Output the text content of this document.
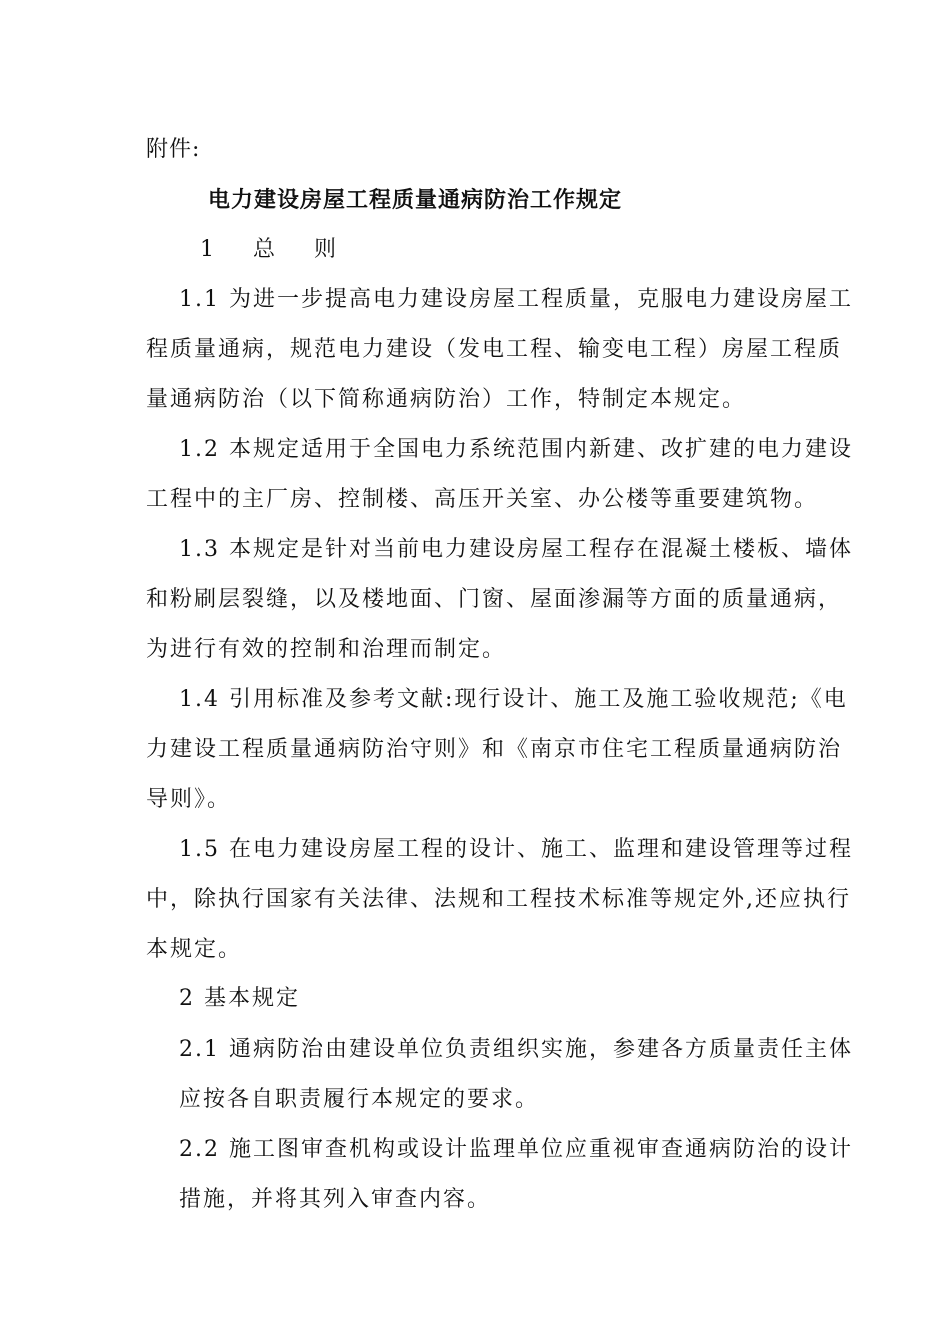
附件:
电力建设房屋工程质量通病防治工作规定
1 总 则
1.1 为进一步提高电力建设房屋工程质量，克服电力建设房屋工
程质量通病，规范电力建设（发电工程、输变电工程）房屋工程质
量通病防治（以下简称通病防治）工作，特制定本规定。
1.2 本规定适用于全国电力系统范围内新建、改扩建的电力建设
工程中的主厂房、控制楼、高压开关室、办公楼等重要建筑物。
1.3 本规定是针对当前电力建设房屋工程存在混凝土楼板、墙体
和粉刷层裂缝，以及楼地面、门窗、屋面渗漏等方面的质量通病，
为进行有效的控制和治理而制定。
1.4 引用标准及参考文献:现行设计、施工及施工验收规范;《电
力建设工程质量通病防治守则》和《南京市住宅工程质量通病防治
导则》。
1.5 在电力建设房屋工程的设计、施工、监理和建设管理等过程
中，除执行国家有关法律、法规和工程技术标准等规定外,还应执行
本规定。
2 基本规定
2.1 通病防治由建设单位负责组织实施，参建各方质量责任主体
应按各自职责履行本规定的要求。
2.2 施工图审查机构或设计监理单位应重视审查通病防治的设计
措施，并将其列入审查内容。
